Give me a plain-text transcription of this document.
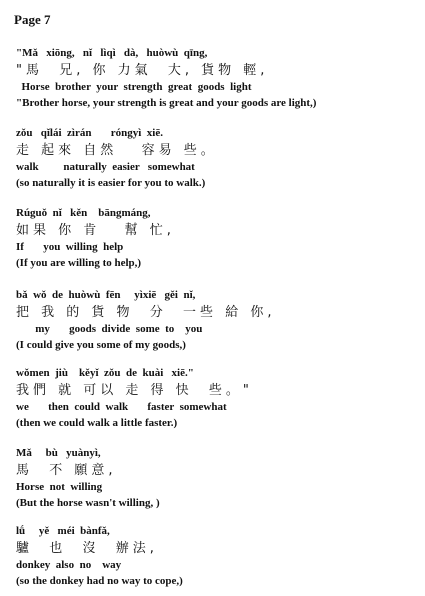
Page 7
"Mǎ   xiōng,   nǐ   lìqì   dà,   huòwù  qīng,
"馬  兄, 你 力氣  大, 貨物 輕,
Horse  brother  your  strength  great  goods  light
"Brother horse, your strength is great and your goods are light,)
zǒu   qǐlái  zìrán       róngyì  xiē.
走 起來 自然   容易 些。
walk         naturally  easier   somewhat
(so naturally it is easier for you to walk.)
Rúguǒ  nǐ   kěn    bāngmáng,
如果 你 肯   幫 忙,
If       you  willing  help
(If you are willing to help,)
bǎ  wǒ  de  huòwù  fēn     yìxiē   gěi  nǐ,
把 我 的 貨 物  分  一些 給 你,
my       goods  divide  some  to    you
(I could give you some of my goods,)
wǒmen  jiù    kěyǐ  zǒu  de  kuài   xiē."
我們 就 可以 走 得 快  些。"
we       then  could  walk       faster  somewhat
(then we could walk a little faster.)
Mǎ     bù   yuànyì,
馬  不 願意,
Horse  not  willing
(But the horse wasn't willing, )
lǘ     yě   méi  bànfǎ,
驢  也  沒  辦法,
donkey  also  no    way
(so the donkey had no way to cope,)
